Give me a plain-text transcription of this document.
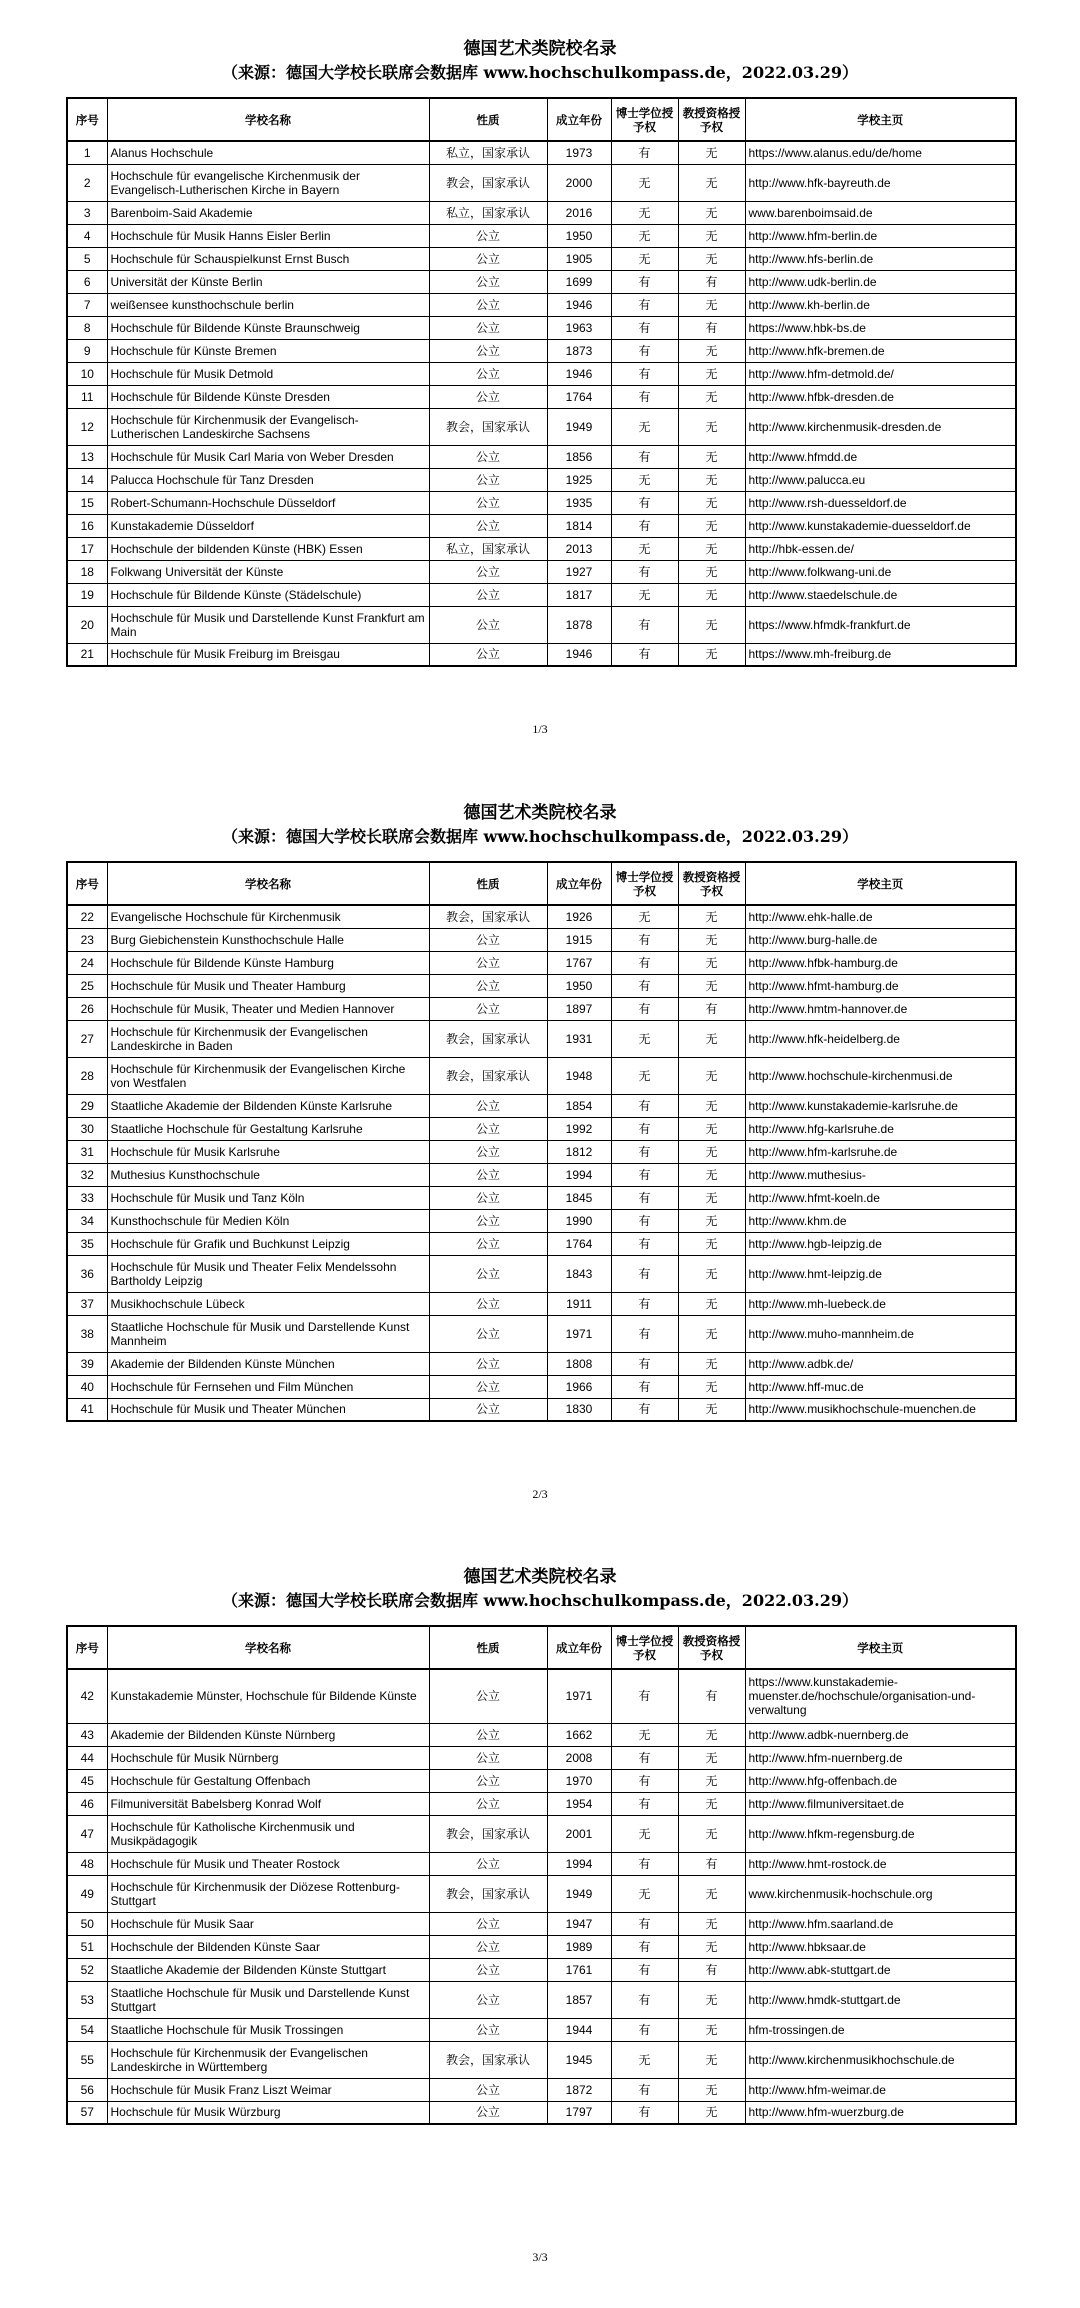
德国艺术类院校名录
（来源：德国大学校长联席会数据库 www.hochschulkompass.de，2022.03.29）
序号	学校名称	性质	成立年份	博士学位授予权	教授资格授予权	学校主页
1	Alanus Hochschule	私立，国家承认	1973	有	无	https://www.alanus.edu/de/home
2	Hochschule für evangelische Kirchenmusik der Evangelisch-Lutherischen Kirche in Bayern	教会，国家承认	2000	无	无	http://www.hfk-bayreuth.de
3	Barenboim-Said Akademie	私立，国家承认	2016	无	无	www.barenboimsaid.de
4	Hochschule für Musik Hanns Eisler Berlin	公立	1950	无	无	http://www.hfm-berlin.de
5	Hochschule für Schauspielkunst Ernst Busch	公立	1905	无	无	http://www.hfs-berlin.de
6	Universität der Künste Berlin	公立	1699	有	有	http://www.udk-berlin.de
7	weißensee kunsthochschule berlin	公立	1946	有	无	http://www.kh-berlin.de
8	Hochschule für Bildende Künste Braunschweig	公立	1963	有	有	https://www.hbk-bs.de
9	Hochschule für Künste Bremen	公立	1873	有	无	http://www.hfk-bremen.de
10	Hochschule für Musik Detmold	公立	1946	有	无	http://www.hfm-detmold.de/
11	Hochschule für Bildende Künste Dresden	公立	1764	有	无	http://www.hfbk-dresden.de
12	Hochschule für Kirchenmusik der Evangelisch-Lutherischen Landeskirche Sachsens	教会，国家承认	1949	无	无	http://www.kirchenmusik-dresden.de
13	Hochschule für Musik Carl Maria von Weber Dresden	公立	1856	有	无	http://www.hfmdd.de
14	Palucca Hochschule für Tanz Dresden	公立	1925	无	无	http://www.palucca.eu
15	Robert-Schumann-Hochschule Düsseldorf	公立	1935	有	无	http://www.rsh-duesseldorf.de
16	Kunstakademie Düsseldorf	公立	1814	有	无	http://www.kunstakademie-duesseldorf.de
17	Hochschule der bildenden Künste (HBK) Essen	私立，国家承认	2013	无	无	http://hbk-essen.de/
18	Folkwang Universität der Künste	公立	1927	有	无	http://www.folkwang-uni.de
19	Hochschule für Bildende Künste (Städelschule)	公立	1817	无	无	http://www.staedelschule.de
20	Hochschule für Musik und Darstellende Kunst Frankfurt am Main	公立	1878	有	无	https://www.hfmdk-frankfurt.de
21	Hochschule für Musik Freiburg im Breisgau	公立	1946	有	无	https://www.mh-freiburg.de
1/3
德国艺术类院校名录
（来源：德国大学校长联席会数据库 www.hochschulkompass.de，2022.03.29）
序号	学校名称	性质	成立年份	博士学位授予权	教授资格授予权	学校主页
22	Evangelische Hochschule für Kirchenmusik	教会，国家承认	1926	无	无	http://www.ehk-halle.de
23	Burg Giebichenstein Kunsthochschule Halle	公立	1915	有	无	http://www.burg-halle.de
24	Hochschule für Bildende Künste Hamburg	公立	1767	有	无	http://www.hfbk-hamburg.de
25	Hochschule für Musik und Theater Hamburg	公立	1950	有	无	http://www.hfmt-hamburg.de
26	Hochschule für Musik, Theater und Medien Hannover	公立	1897	有	有	http://www.hmtm-hannover.de
27	Hochschule für Kirchenmusik der Evangelischen Landeskirche in Baden	教会，国家承认	1931	无	无	http://www.hfk-heidelberg.de
28	Hochschule für Kirchenmusik der Evangelischen Kirche von Westfalen	教会，国家承认	1948	无	无	http://www.hochschule-kirchenmusi.de
29	Staatliche Akademie der Bildenden Künste Karlsruhe	公立	1854	有	无	http://www.kunstakademie-karlsruhe.de
30	Staatliche Hochschule für Gestaltung Karlsruhe	公立	1992	有	无	http://www.hfg-karlsruhe.de
31	Hochschule für Musik Karlsruhe	公立	1812	有	无	http://www.hfm-karlsruhe.de
32	Muthesius Kunsthochschule	公立	1994	有	无	http://www.muthesius-
33	Hochschule für Musik und Tanz Köln	公立	1845	有	无	http://www.hfmt-koeln.de
34	Kunsthochschule für Medien Köln	公立	1990	有	无	http://www.khm.de
35	Hochschule für Grafik und Buchkunst Leipzig	公立	1764	有	无	http://www.hgb-leipzig.de
36	Hochschule für Musik und Theater Felix Mendelssohn Bartholdy Leipzig	公立	1843	有	无	http://www.hmt-leipzig.de
37	Musikhochschule Lübeck	公立	1911	有	无	http://www.mh-luebeck.de
38	Staatliche Hochschule für Musik und Darstellende Kunst Mannheim	公立	1971	有	无	http://www.muho-mannheim.de
39	Akademie der Bildenden Künste München	公立	1808	有	无	http://www.adbk.de/
40	Hochschule für Fernsehen und Film München	公立	1966	有	无	http://www.hff-muc.de
41	Hochschule für Musik und Theater München	公立	1830	有	无	http://www.musikhochschule-muenchen.de
2/3
德国艺术类院校名录
（来源：德国大学校长联席会数据库 www.hochschulkompass.de，2022.03.29）
序号	学校名称	性质	成立年份	博士学位授予权	教授资格授予权	学校主页
42	Kunstakademie Münster, Hochschule für Bildende Künste	公立	1971	有	有	https://www.kunstakademie-muenster.de/hochschule/organisation-und-verwaltung
43	Akademie der Bildenden Künste Nürnberg	公立	1662	无	无	http://www.adbk-nuernberg.de
44	Hochschule für Musik Nürnberg	公立	2008	有	无	http://www.hfm-nuernberg.de
45	Hochschule für Gestaltung Offenbach	公立	1970	有	无	http://www.hfg-offenbach.de
46	Filmuniversität Babelsberg Konrad Wolf	公立	1954	有	无	http://www.filmuniversitaet.de
47	Hochschule für Katholische Kirchenmusik und Musikpädagogik	教会，国家承认	2001	无	无	http://www.hfkm-regensburg.de
48	Hochschule für Musik und Theater Rostock	公立	1994	有	有	http://www.hmt-rostock.de
49	Hochschule für Kirchenmusik der Diözese Rottenburg-Stuttgart	教会，国家承认	1949	无	无	www.kirchenmusik-hochschule.org
50	Hochschule für Musik Saar	公立	1947	有	无	http://www.hfm.saarland.de
51	Hochschule der Bildenden Künste Saar	公立	1989	有	无	http://www.hbksaar.de
52	Staatliche Akademie der Bildenden Künste Stuttgart	公立	1761	有	有	http://www.abk-stuttgart.de
53	Staatliche Hochschule für Musik und Darstellende Kunst Stuttgart	公立	1857	有	无	http://www.hmdk-stuttgart.de
54	Staatliche Hochschule für Musik Trossingen	公立	1944	有	无	hfm-trossingen.de
55	Hochschule für Kirchenmusik der Evangelischen Landeskirche in Württemberg	教会，国家承认	1945	无	无	http://www.kirchenmusikhochschule.de
56	Hochschule für Musik Franz Liszt Weimar	公立	1872	有	无	http://www.hfm-weimar.de
57	Hochschule für Musik Würzburg	公立	1797	有	无	http://www.hfm-wuerzburg.de
3/3
